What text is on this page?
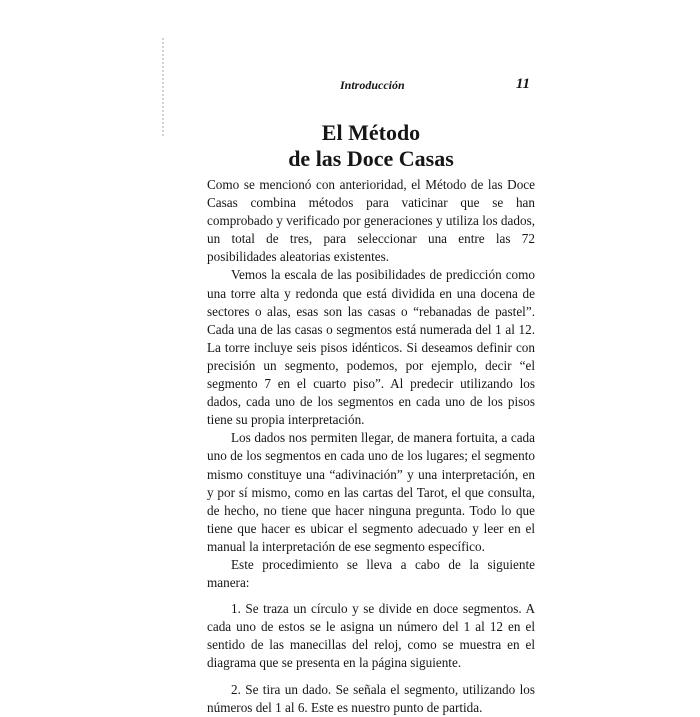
Introducción	11
El Método
de las Doce Casas

Como se mencionó con anterioridad, el Método de las Doce Casas combina métodos para vaticinar que se han comprobado y verificado por generaciones y utiliza los dados, un total de tres, para seleccionar una entre las 72 posibilidades aleatorias existentes.

Vemos la escala de las posibilidades de predicción como una torre alta y redonda que está dividida en una docena de sectores o alas, esas son las casas o “rebanadas de pastel”. Cada una de las casas o segmentos está numerada del 1 al 12. La torre incluye seis pisos idénticos. Si deseamos definir con precisión un segmento, podemos, por ejemplo, decir “el segmento 7 en el cuarto piso”. Al predecir utilizando los dados, cada uno de los segmentos en cada uno de los pisos tiene su propia interpretación.

Los dados nos permiten llegar, de manera fortuita, a cada uno de los segmentos en cada uno de los lugares; el segmento mismo constituye una “adivinación” y una interpretación, en y por sí mismo, como en las cartas del Tarot, el que consulta, de hecho, no tiene que hacer ninguna pregunta. Todo lo que tiene que hacer es ubicar el segmento adecuado y leer en el manual la interpretación de ese segmento específico.

Este procedimiento se lleva a cabo de la siguiente manera:

1. Se traza un círculo y se divide en doce segmentos. A cada uno de estos se le asigna un número del 1 al 12 en el sentido de las manecillas del reloj, como se muestra en el diagrama que se presenta en la página siguiente.

2. Se tira un dado. Se señala el segmento, utilizando los números del 1 al 6. Este es nuestro punto de partida.
